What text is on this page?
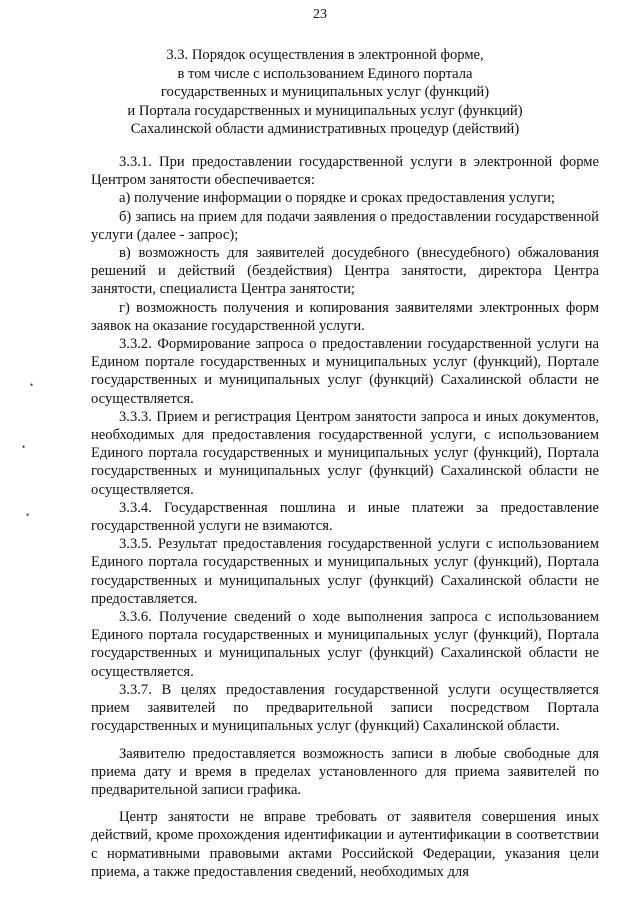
23
3.3. Порядок осуществления в электронной форме,
в том числе с использованием Единого портала
государственных и муниципальных услуг (функций)
и Портала государственных и муниципальных услуг (функций)
Сахалинской области административных процедур (действий)

3.3.1. При предоставлении государственной услуги в электронной форме Центром занятости обеспечивается:

а) получение информации о порядке и сроках предоставления услуги;

б) запись на прием для подачи заявления о предоставлении государственной услуги (далее - запрос);

в) возможность для заявителей досудебного (внесудебного) обжалования решений и действий (бездействия) Центра занятости, директора Центра занятости, специалиста Центра занятости;

г) возможность получения и копирования заявителями электронных форм заявок на оказание государственной услуги.

3.3.2. Формирование запроса о предоставлении государственной услуги на Едином портале государственных и муниципальных услуг (функций), Портале государственных и муниципальных услуг (функций) Сахалинской области не осуществляется.

3.3.3. Прием и регистрация Центром занятости запроса и иных документов, необходимых для предоставления государственной услуги, с использованием Единого портала государственных и муниципальных услуг (функций), Портала государственных и муниципальных услуг (функций) Сахалинской области не осуществляется.

3.3.4. Государственная пошлина и иные платежи за предоставление государственной услуги не взимаются.

3.3.5. Результат предоставления государственной услуги с использованием Единого портала государственных и муниципальных услуг (функций), Портала государственных и муниципальных услуг (функций) Сахалинской области не предоставляется.

3.3.6. Получение сведений о ходе выполнения запроса с использованием Единого портала государственных и муниципальных услуг (функций), Портала государственных и муниципальных услуг (функций) Сахалинской области не осуществляется.

3.3.7. В целях предоставления государственной услуги осуществляется прием заявителей по предварительной записи посредством Портала государственных и муниципальных услуг (функций) Сахалинской области.

Заявителю предоставляется возможность записи в любые свободные для приема дату и время в пределах установленного для приема заявителей по предварительной записи графика.

Центр занятости не вправе требовать от заявителя совершения иных действий, кроме прохождения идентификации и аутентификации в соответствии с нормативными правовыми актами Российской Федерации, указания цели приема, а также предоставления сведений, необходимых для

•
•
•
